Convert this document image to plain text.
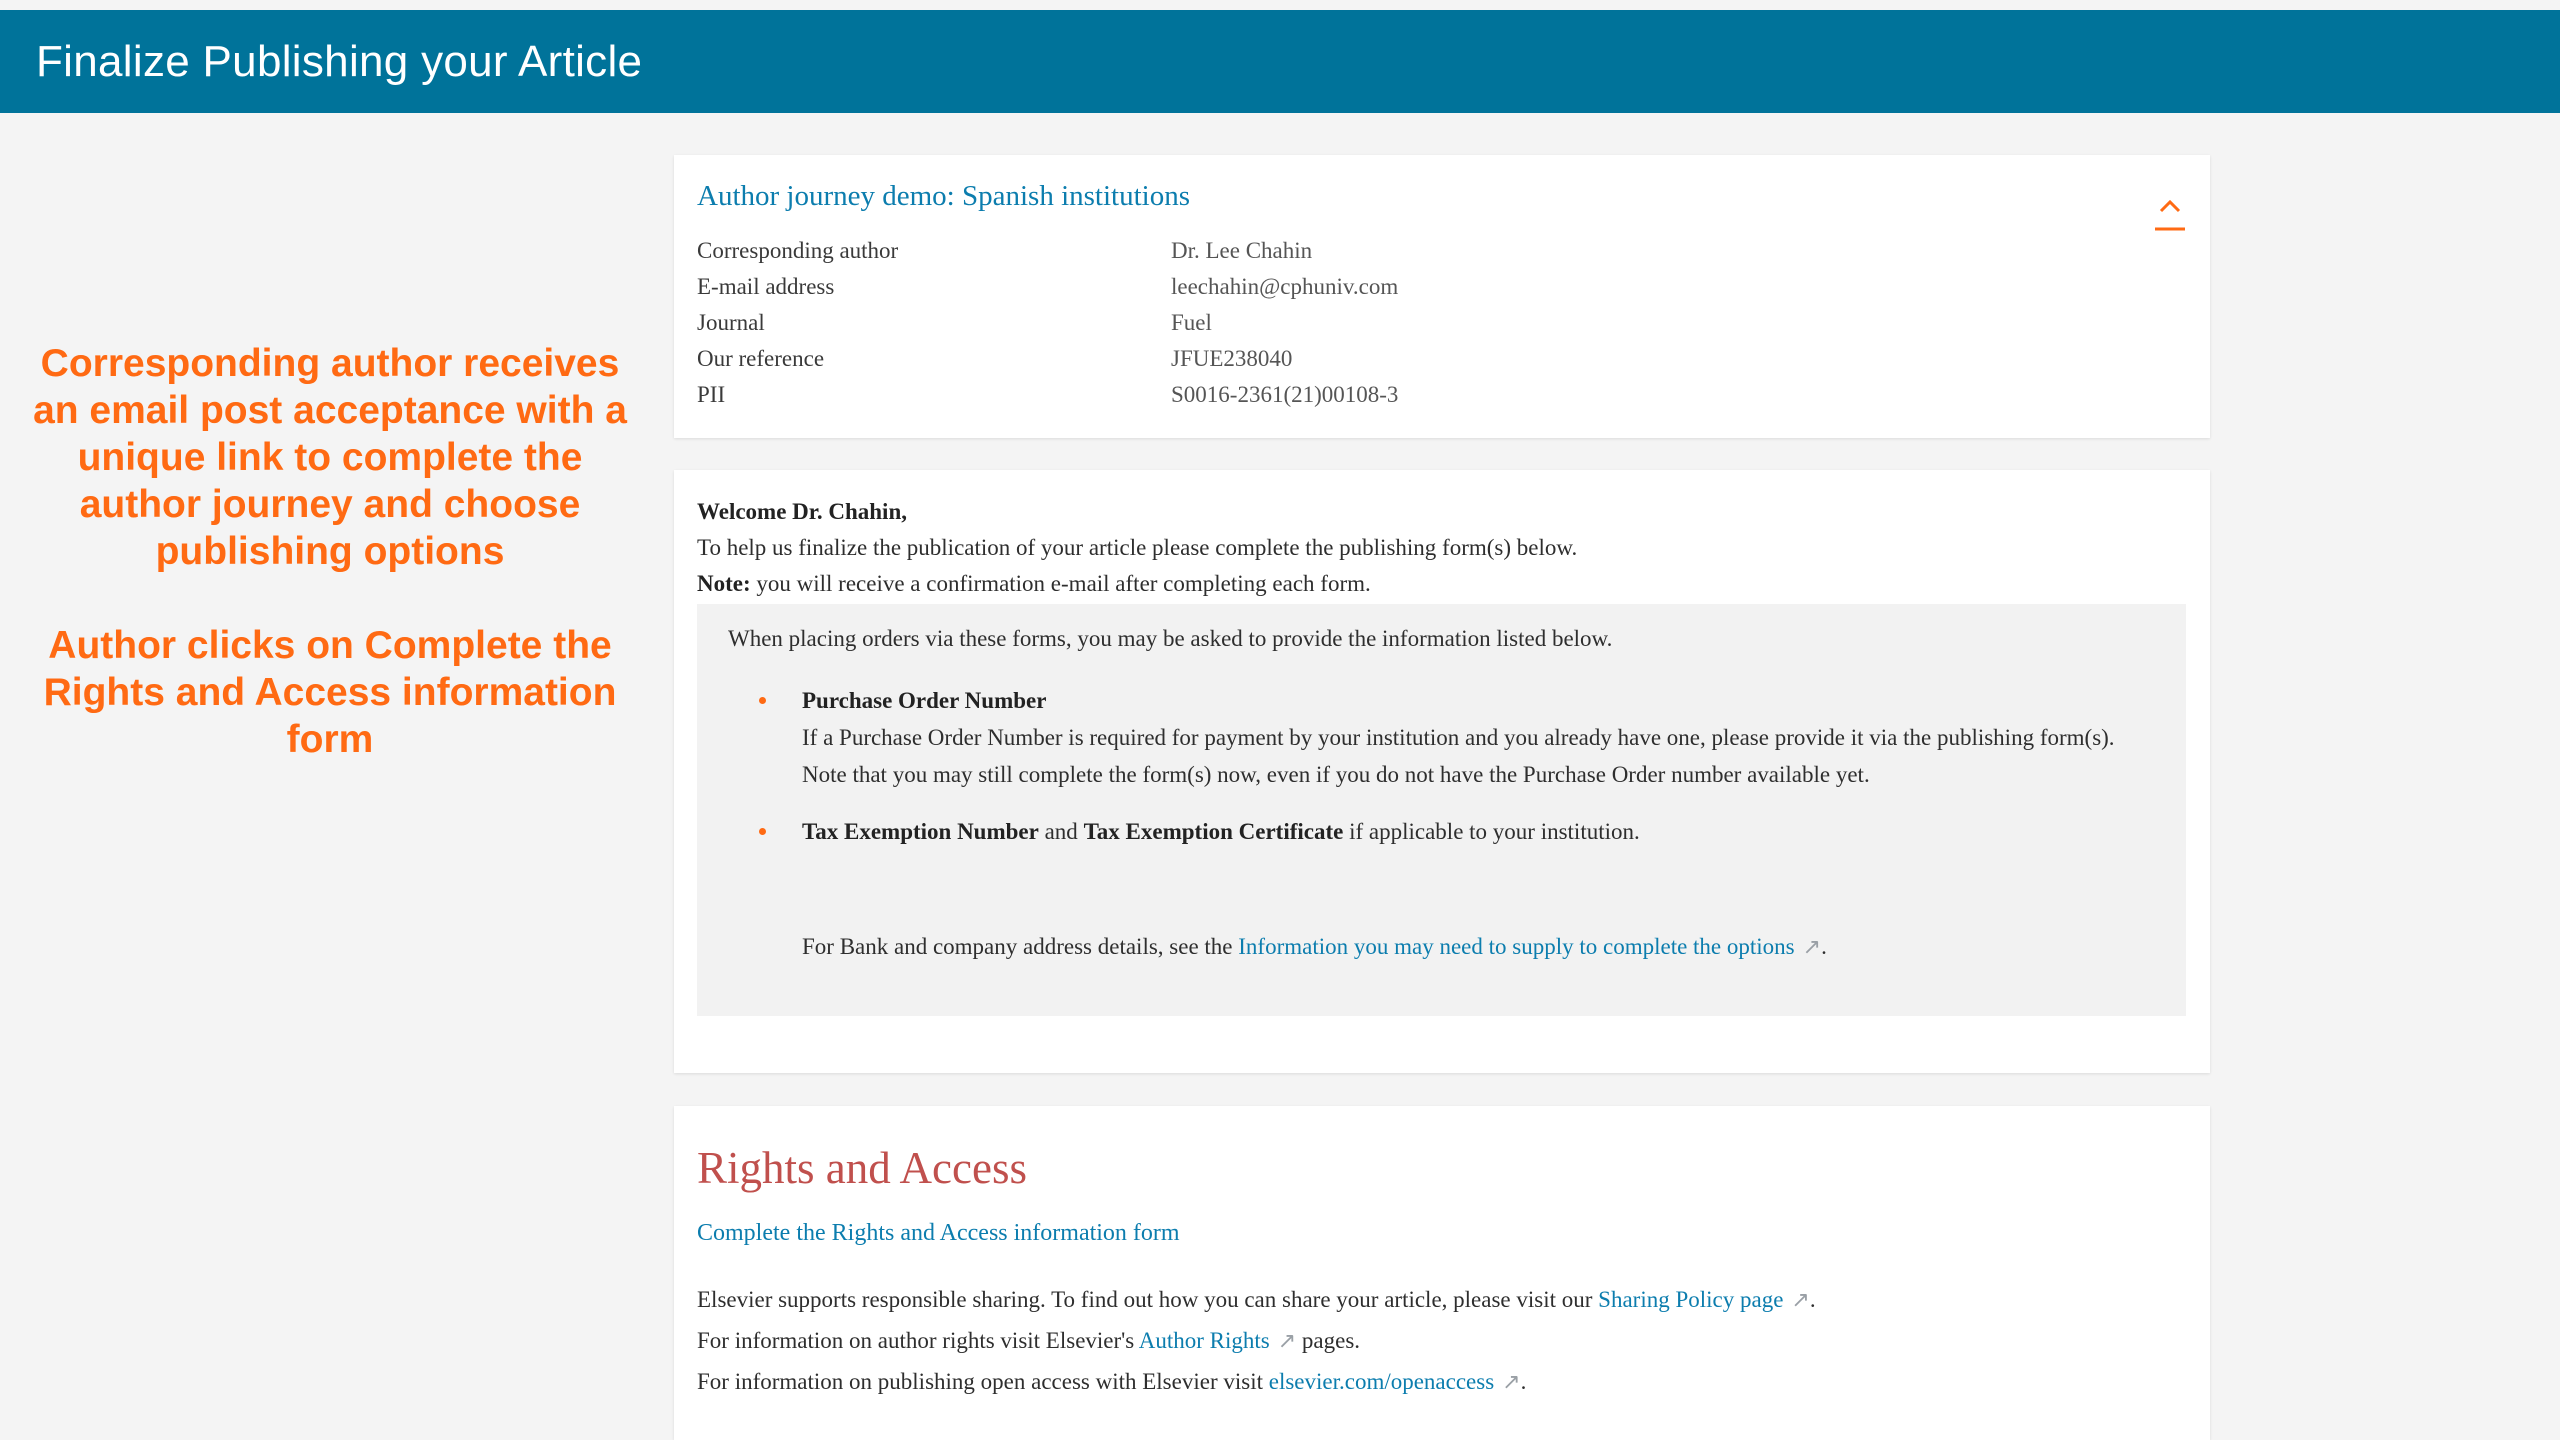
Finalize Publishing your Article
Corresponding author receives an email post acceptance with a unique link to complete the author journey and choose publishing options
Author clicks on Complete the Rights and Access information form
Author journey demo: Spanish institutions
Corresponding author	Dr. Lee Chahin
E-mail address	leechahin@cphuniv.com
Journal	Fuel
Our reference	JFUE238040
PII	S0016-2361(21)00108-3
Welcome Dr. Chahin,
To help us finalize the publication of your article please complete the publishing form(s) below.
Note: you will receive a confirmation e-mail after completing each form.
When placing orders via these forms, you may be asked to provide the information listed below.
Purchase Order Number
If a Purchase Order Number is required for payment by your institution and you already have one, please provide it via the publishing form(s). Note that you may still complete the form(s) now, even if you do not have the Purchase Order number available yet.
Tax Exemption Number and Tax Exemption Certificate if applicable to your institution.
For Bank and company address details, see the Information you may need to supply to complete the options ↗.
Rights and Access
Complete the Rights and Access information form
Elsevier supports responsible sharing. To find out how you can share your article, please visit our Sharing Policy page ↗.
For information on author rights visit Elsevier's Author Rights ↗ pages.
For information on publishing open access with Elsevier visit elsevier.com/openaccess ↗.
